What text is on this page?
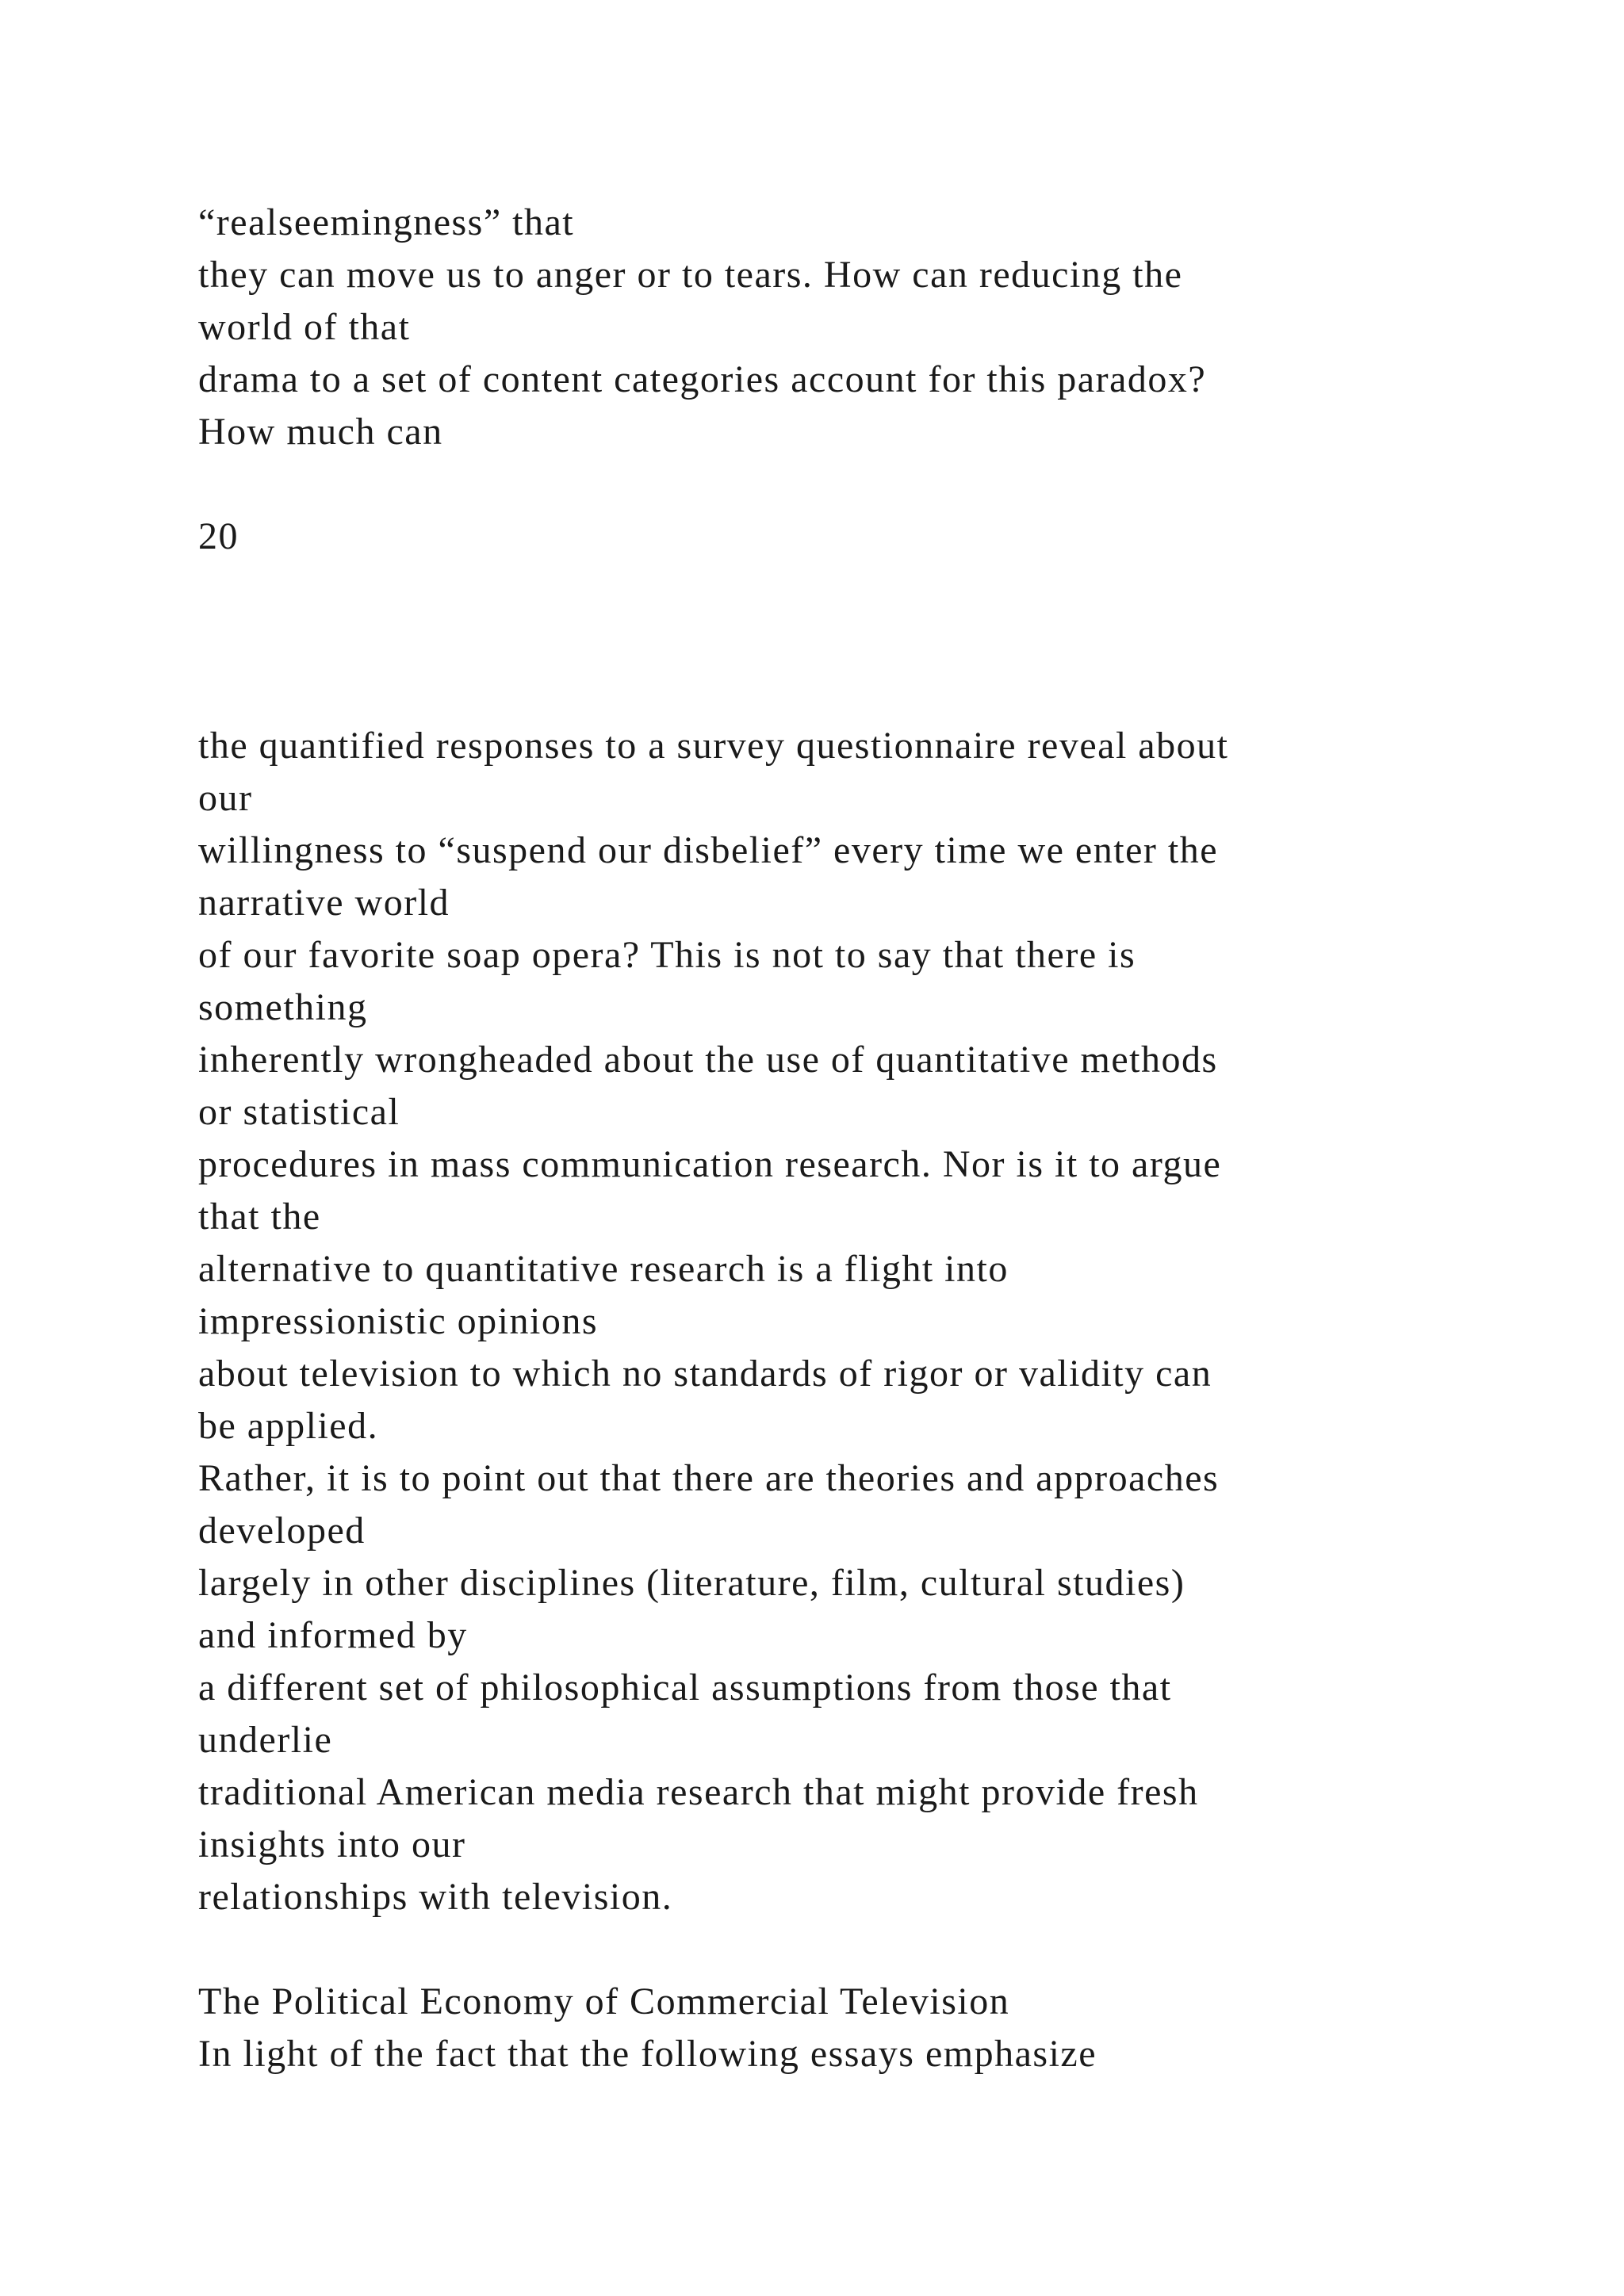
“realseemingness” that
they can move us to anger or to tears. How can reducing the
world of that
drama to a set of content categories account for this paradox?
How much can
20
the quantified responses to a survey questionnaire reveal about
our
willingness to “suspend our disbelief” every time we enter the
narrative world
of our favorite soap opera? This is not to say that there is
something
inherently wrongheaded about the use of quantitative methods
or statistical
procedures in mass communication research. Nor is it to argue
that the
alternative to quantitative research is a flight into
impressionistic opinions
about television to which no standards of rigor or validity can
be applied.
Rather, it is to point out that there are theories and approaches
developed
largely in other disciplines (literature, film, cultural studies)
and informed by
a different set of philosophical assumptions from those that
underlie
traditional American media research that might provide fresh
insights into our
relationships with television.
The Political Economy of Commercial Television
In light of the fact that the following essays emphasize
